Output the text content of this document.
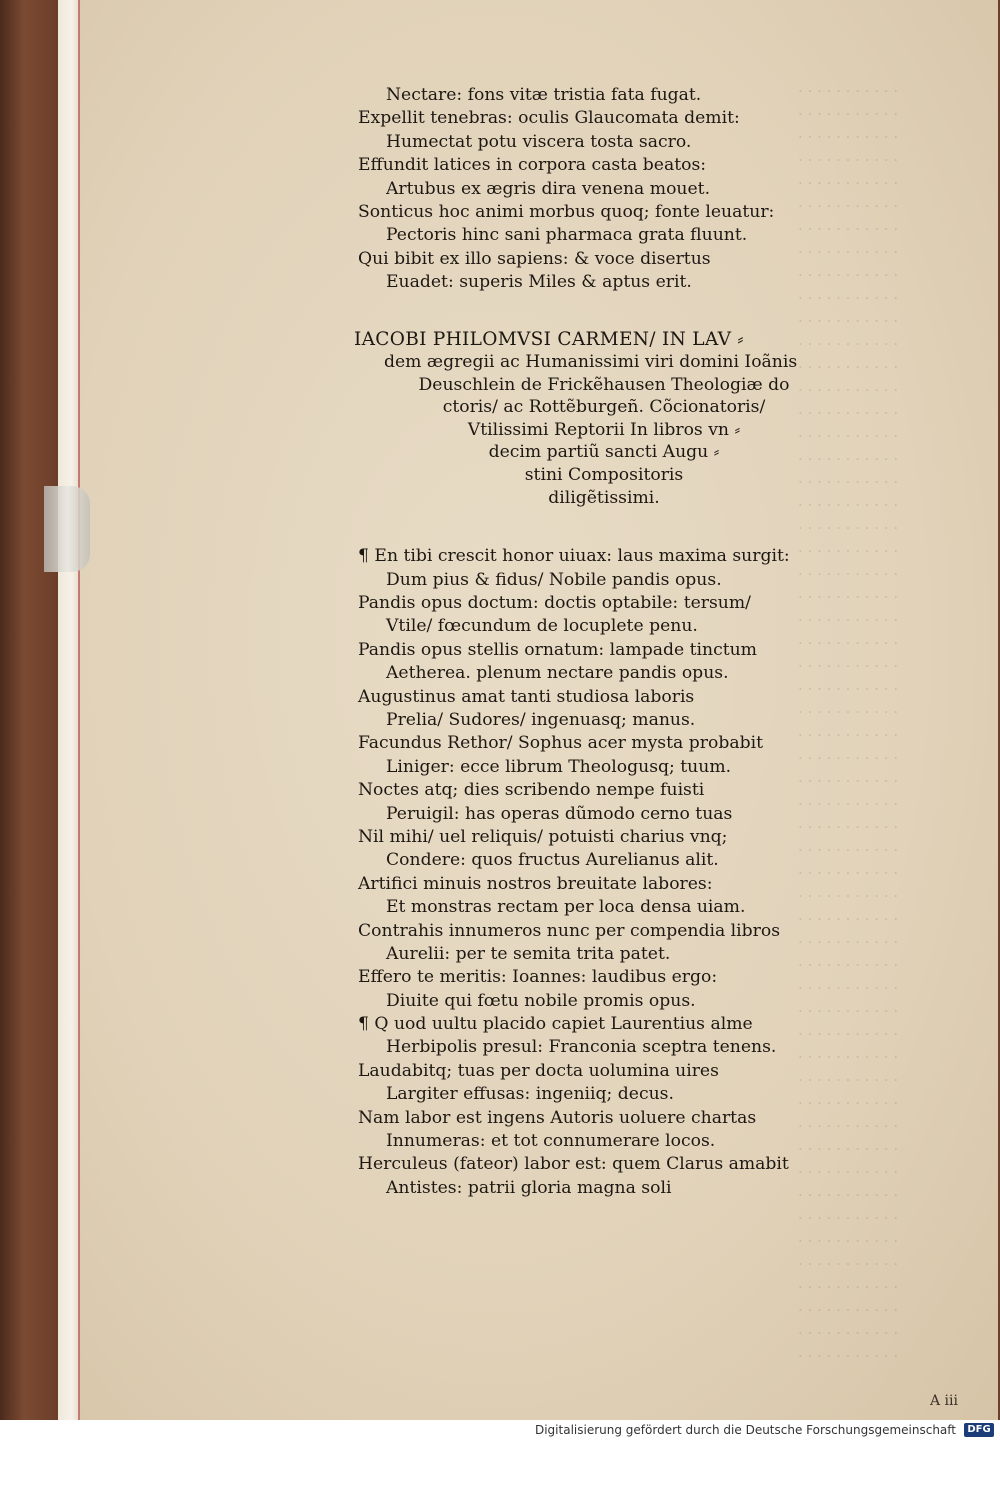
· · · · · · · · · · ·
· · · · · · · · · · ·
· · · · · · · · · · ·
· · · · · · · · · · ·
· · · · · · · · · · ·
· · · · · · · · · · ·
· · · · · · · · · · ·
· · · · · · · · · · ·
· · · · · · · · · · ·
· · · · · · · · · · ·
· · · · · · · · · · ·
· · · · · · · · · · ·
· · · · · · · · · · ·
· · · · · · · · · · ·
· · · · · · · · · · ·
· · · · · · · · · · ·
· · · · · · · · · · ·
· · · · · · · · · · ·
· · · · · · · · · · ·
· · · · · · · · · · ·
· · · · · · · · · · ·
· · · · · · · · · · ·
· · · · · · · · · · ·
· · · · · · · · · · ·
· · · · · · · · · · ·
· · · · · · · · · · ·
· · · · · · · · · · ·
· · · · · · · · · · ·
· · · · · · · · · · ·
· · · · · · · · · · ·
· · · · · · · · · · ·
· · · · · · · · · · ·
· · · · · · · · · · ·
· · · · · · · · · · ·
· · · · · · · · · · ·
· · · · · · · · · · ·
· · · · · · · · · · ·
· · · · · · · · · · ·
· · · · · · · · · · ·
· · · · · · · · · · ·
· · · · · · · · · · ·
· · · · · · · · · · ·
· · · · · · · · · · ·
· · · · · · · · · · ·
· · · · · · · · · · ·
· · · · · · · · · · ·
· · · · · · · · · · ·
· · · · · · · · · · ·
· · · · · · · · · · ·
· · · · · · · · · · ·
· · · · · · · · · · ·
· · · · · · · · · · ·
· · · · · · · · · · ·
· · · · · · · · · · ·
· · · · · · · · · · ·
· · · · · · · · · · ·
Nectare: fons vitæ tristia fata fugat.
Expellit tenebras: oculis Glaucomata demit:
Humectat potu viscera tosta sacro.
Effundit latices in corpora casta beatos:
Artubus ex ægris dira venena mouet.
Sonticus hoc animi morbus quoq; fonte leuatur:
Pectoris hinc sani pharmaca grata fluunt.
Qui bibit ex illo sapiens: & voce disertus
Euadet: superis Miles & aptus erit.
IACOBI PHILOMVSI CARMEN/ IN LAV ⸗
dem ægregii ac Humanissimi viri domini Ioãnis
Deuschlein de Frickẽhausen Theologiæ do
ctoris/ ac Rottẽburgeñ. Cõcionatoris/
Vtilissimi Reptorii In libros vn ⸗
decim partiũ sancti Augu ⸗
stini Compositoris
diligẽtissimi.
¶ En tibi crescit honor uiuax: laus maxima surgit:
Dum pius & fidus/ Nobile pandis opus.
Pandis opus doctum: doctis optabile: tersum/
Vtile/ fœcundum de locuplete penu.
Pandis opus stellis ornatum: lampade tinctum
Aetherea. plenum nectare pandis opus.
Augustinus amat tanti studiosa laboris
Prelia/ Sudores/ ingenuasq; manus.
Facundus Rethor/ Sophus acer mysta probabit
Liniger: ecce librum Theologusq; tuum.
Noctes atq; dies scribendo nempe fuisti
Peruigil: has operas dũmodo cerno tuas
Nil mihi/ uel reliquis/ potuisti charius vnq;
Condere: quos fructus Aurelianus alit.
Artifici minuis nostros breuitate labores:
Et monstras rectam per loca densa uiam.
Contrahis innumeros nunc per compendia libros
Aurelii: per te semita trita patet.
Effero te meritis: Ioannes: laudibus ergo:
Diuite qui fœtu nobile promis opus.
¶ Q uod uultu placido capiet Laurentius alme
Herbipolis presul: Franconia sceptra tenens.
Laudabitq; tuas per docta uolumina uires
Largiter effusas: ingeniiq; decus.
Nam labor est ingens Autoris uoluere chartas
Innumeras: et tot connumerare locos.
Herculeus (fateor) labor est: quem Clarus amabit
Antistes: patrii gloria magna soli
A iii
Digitalisierung gefördert durch die Deutsche Forschungsgemeinschaft	DFG
